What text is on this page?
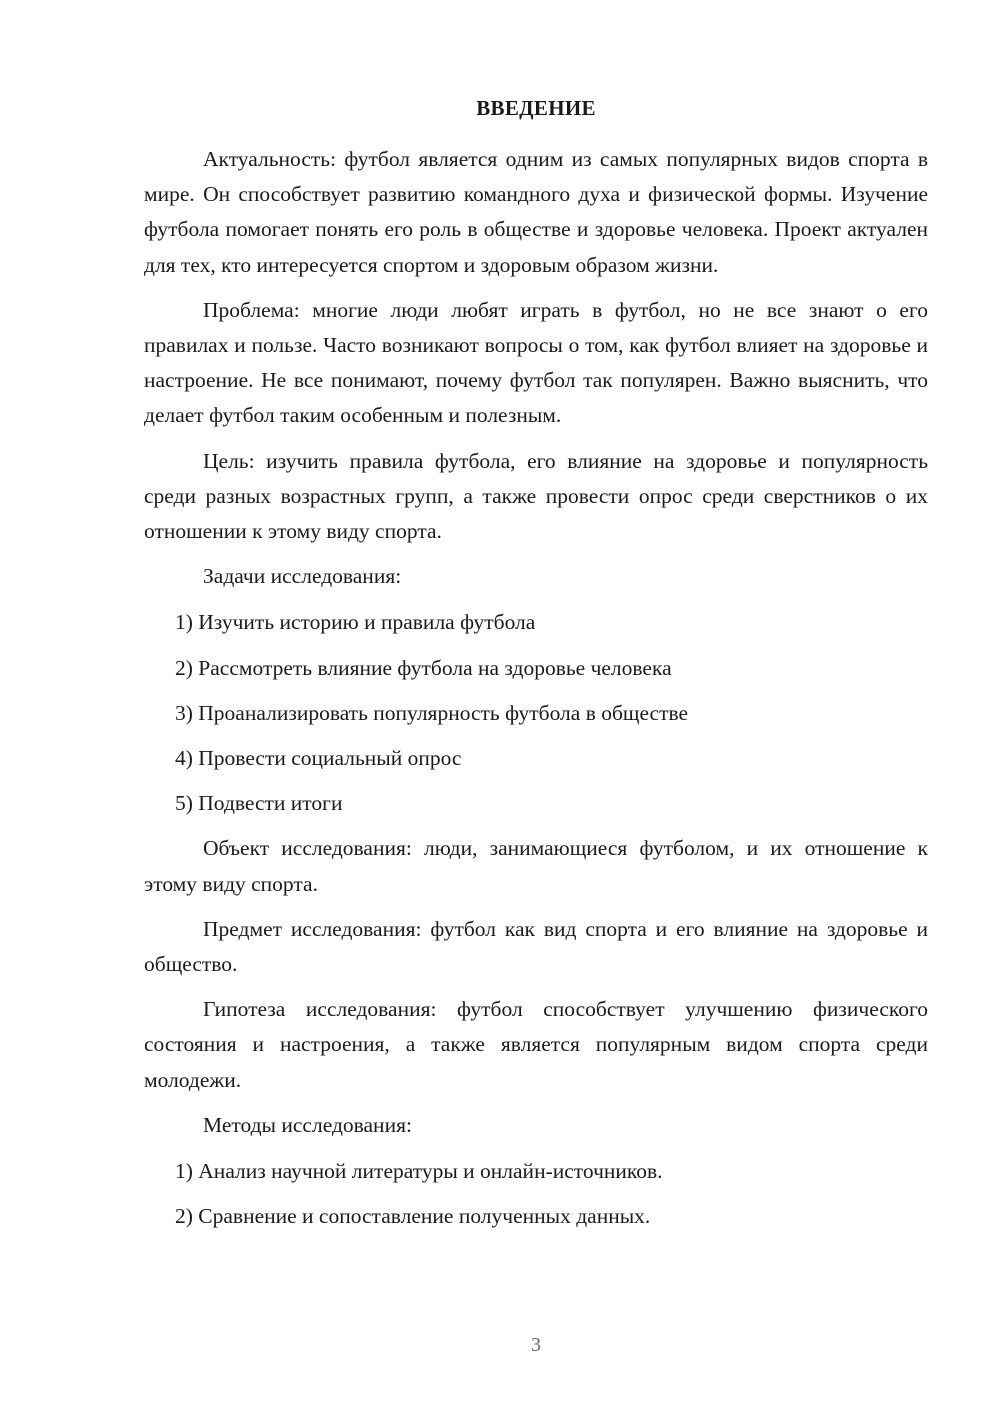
ВВЕДЕНИЕ

Актуальность: футбол является одним из самых популярных видов спорта в мире. Он способствует развитию командного духа и физической формы. Изучение футбола помогает понять его роль в обществе и здоровье человека. Проект актуален для тех, кто интересуется спортом и здоровым образом жизни.

Проблема: многие люди любят играть в футбол, но не все знают о его правилах и пользе. Часто возникают вопросы о том, как футбол влияет на здоровье и настроение. Не все понимают, почему футбол так популярен. Важно выяснить, что делает футбол таким особенным и полезным.

Цель: изучить правила футбола, его влияние на здоровье и популярность среди разных возрастных групп, а также провести опрос среди сверстников о их отношении к этому виду спорта.

Задачи исследования:

1) Изучить историю и правила футбола
2) Рассмотреть влияние футбола на здоровье человека
3) Проанализировать популярность футбола в обществе
4) Провести социальный опрос
5) Подвести итоги

Объект исследования: люди, занимающиеся футболом, и их отношение к этому виду спорта.

Предмет исследования: футбол как вид спорта и его влияние на здоровье и общество.

Гипотеза исследования: футбол способствует улучшению физического состояния и настроения, а также является популярным видом спорта среди молодежи.

Методы исследования:

1) Анализ научной литературы и онлайн-источников.
2) Сравнение и сопоставление полученных данных.
3
